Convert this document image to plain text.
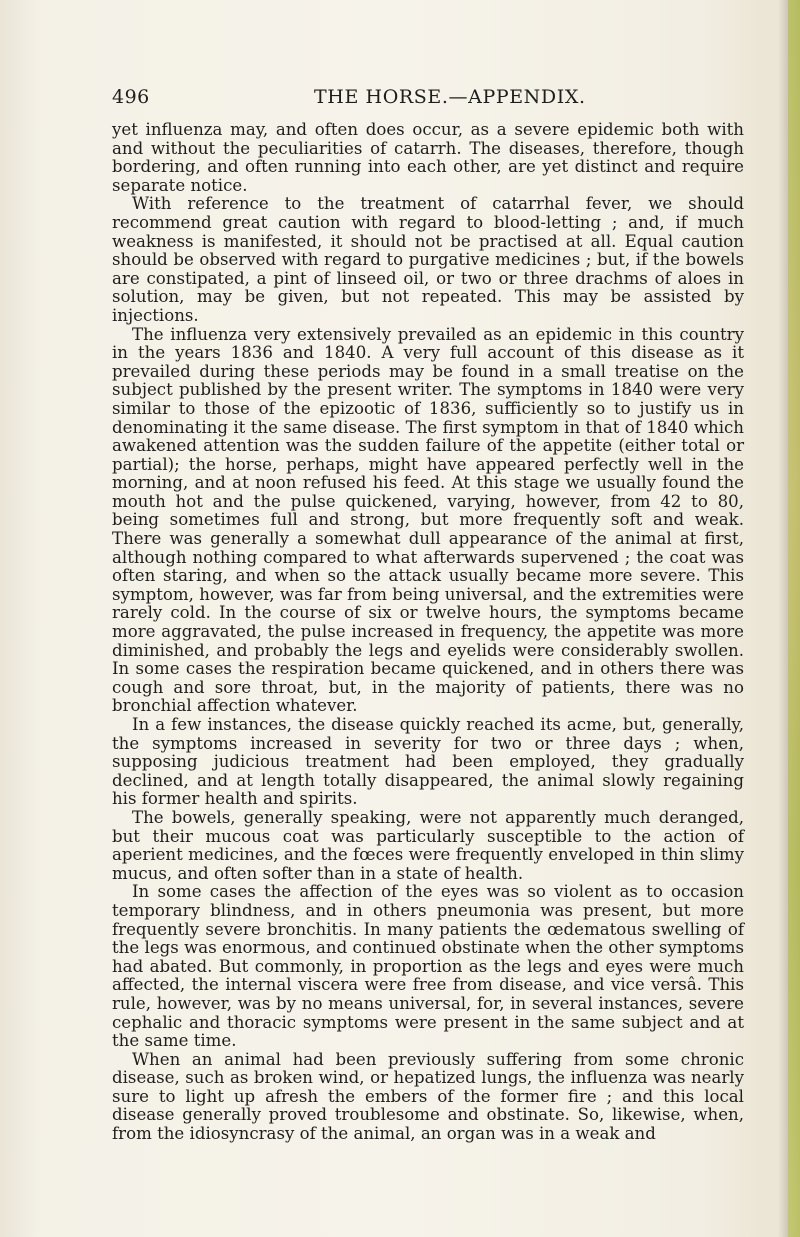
496	THE HORSE.—APPENDIX.

yet influenza may, and often does occur, as a severe epidemic both with and without the peculiarities of catarrh. The diseases, therefore, though bordering, and often running into each other, are yet distinct and require separate notice.

With reference to the treatment of catarrhal fever, we should recommend great caution with regard to blood-letting ; and, if much weakness is manifested, it should not be practised at all. Equal caution should be observed with regard to purgative medicines ; but, if the bowels are constipated, a pint of linseed oil, or two or three drachms of aloes in solution, may be given, but not repeated. This may be assisted by injections.

The influenza very extensively prevailed as an epidemic in this country in the years 1836 and 1840. A very full account of this disease as it prevailed during these periods may be found in a small treatise on the subject published by the present writer. The symptoms in 1840 were very similar to those of the epizootic of 1836, sufficiently so to justify us in denominating it the same disease. The first symptom in that of 1840 which awakened attention was the sudden failure of the appetite (either total or partial); the horse, perhaps, might have appeared perfectly well in the morning, and at noon refused his feed. At this stage we usually found the mouth hot and the pulse quickened, varying, however, from 42 to 80, being sometimes full and strong, but more frequently soft and weak. There was generally a somewhat dull appearance of the animal at first, although nothing compared to what afterwards supervened ; the coat was often staring, and when so the attack usually became more severe. This symptom, however, was far from being universal, and the extremities were rarely cold. In the course of six or twelve hours, the symptoms became more aggravated, the pulse increased in frequency, the appetite was more diminished, and probably the legs and eyelids were considerably swollen. In some cases the respiration became quickened, and in others there was cough and sore throat, but, in the majority of patients, there was no bronchial affection whatever.

In a few instances, the disease quickly reached its acme, but, generally, the symptoms increased in severity for two or three days ; when, supposing judicious treatment had been employed, they gradually declined, and at length totally disappeared, the animal slowly regaining his former health and spirits.

The bowels, generally speaking, were not apparently much deranged, but their mucous coat was particularly susceptible to the action of aperient medicines, and the fœces were frequently enveloped in thin slimy mucus, and often softer than in a state of health.

In some cases the affection of the eyes was so violent as to occasion temporary blindness, and in others pneumonia was present, but more frequently severe bronchitis. In many patients the œdematous swelling of the legs was enormous, and continued obstinate when the other symptoms had abated. But commonly, in proportion as the legs and eyes were much affected, the internal viscera were free from disease, and vice versâ. This rule, however, was by no means universal, for, in several instances, severe cephalic and thoracic symptoms were present in the same subject and at the same time.

When an animal had been previously suffering from some chronic disease, such as broken wind, or hepatized lungs, the influenza was nearly sure to light up afresh the embers of the former fire ; and this local disease generally proved troublesome and obstinate. So, likewise, when, from the idiosyncrasy of the animal, an organ was in a weak and
